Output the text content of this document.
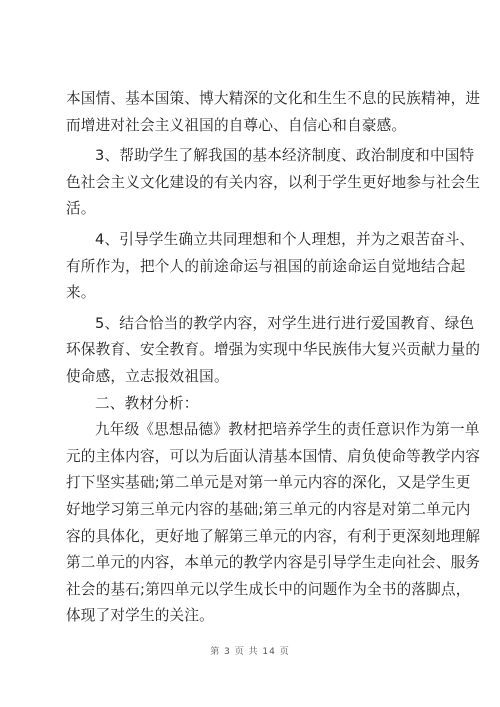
本国情、基本国策、博大精深的文化和生生不息的民族精神，进
而增进对社会主义祖国的自尊心、自信心和自豪感。
3、帮助学生了解我国的基本经济制度、政治制度和中国特
色社会主义文化建设的有关内容，以利于学生更好地参与社会生
活。
4、引导学生确立共同理想和个人理想，并为之艰苦奋斗、
有所作为，把个人的前途命运与祖国的前途命运自觉地结合起
来。
5、结合恰当的教学内容，对学生进行进行爱国教育、绿色
环保教育、安全教育。增强为实现中华民族伟大复兴贡献力量的
使命感，立志报效祖国。
二、教材分析：
九年级《思想品德》教材把培养学生的责任意识作为第一单
元的主体内容，可以为后面认清基本国情、肩负使命等教学内容
打下坚实基础;第二单元是对第一单元内容的深化，又是学生更
好地学习第三单元内容的基础;第三单元的内容是对第二单元内
容的具体化，更好地了解第三单元的内容，有利于更深刻地理解
第二单元的内容，本单元的教学内容是引导学生走向社会、服务
社会的基石;第四单元以学生成长中的问题作为全书的落脚点，
体现了对学生的关注。
第 3 页 共 14 页
